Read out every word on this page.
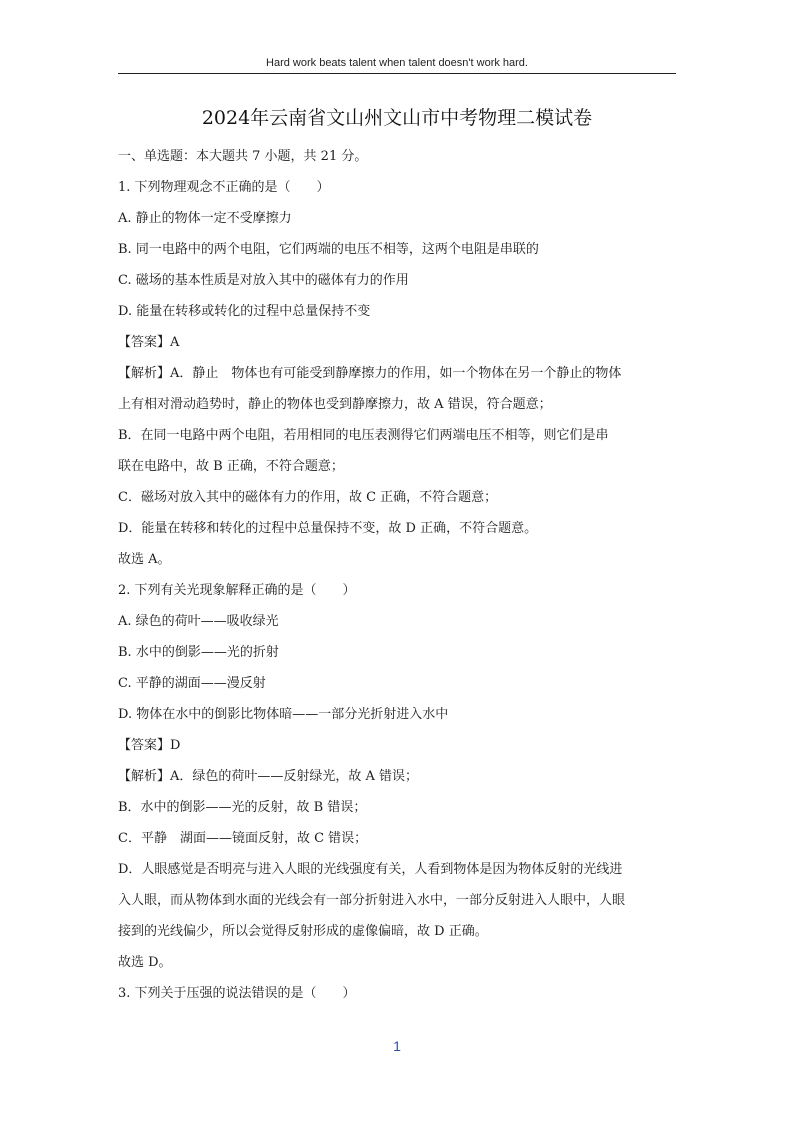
Hard work beats talent when talent doesn't work hard.
2024年云南省文山州文山市中考物理二模试卷
一、单选题：本大题共 7 小题，共 21 分。
1. 下列物理观念不正确的是（　　）
A. 静止的物体一定不受摩擦力
B. 同一电路中的两个电阻，它们两端的电压不相等，这两个电阻是串联的
C. 磁场的基本性质是对放入其中的磁体有力的作用
D. 能量在转移或转化的过程中总量保持不变
【答案】A
【解析】A．静止　物体也有可能受到静摩擦力的作用，如一个物体在另一个静止的物体
上有相对滑动趋势时，静止的物体也受到静摩擦力，故 A 错误，符合题意；
B．在同一电路中两个电阻，若用相同的电压表测得它们两端电压不相等，则它们是串
联在电路中，故 B 正确，不符合题意；
C．磁场对放入其中的磁体有力的作用，故 C 正确，不符合题意；
D．能量在转移和转化的过程中总量保持不变，故 D 正确，不符合题意。
故选 A。
2. 下列有关光现象解释正确的是（　　）
A. 绿色的荷叶——吸收绿光
B. 水中的倒影——光的折射
C. 平静的湖面——漫反射
D. 物体在水中的倒影比物体暗——一部分光折射进入水中
【答案】D
【解析】A．绿色的荷叶——反射绿光，故 A 错误；
B．水中的倒影——光的反射，故 B 错误；
C．平静　湖面——镜面反射，故 C 错误；
D．人眼感觉是否明亮与进入人眼的光线强度有关，人看到物体是因为物体反射的光线进
入人眼，而从物体到水面的光线会有一部分折射进入水中，一部分反射进入人眼中，人眼
接到的光线偏少，所以会觉得反射形成的虚像偏暗，故 D 正确。
故选 D。
3. 下列关于压强的说法错误的是（　　）
1
